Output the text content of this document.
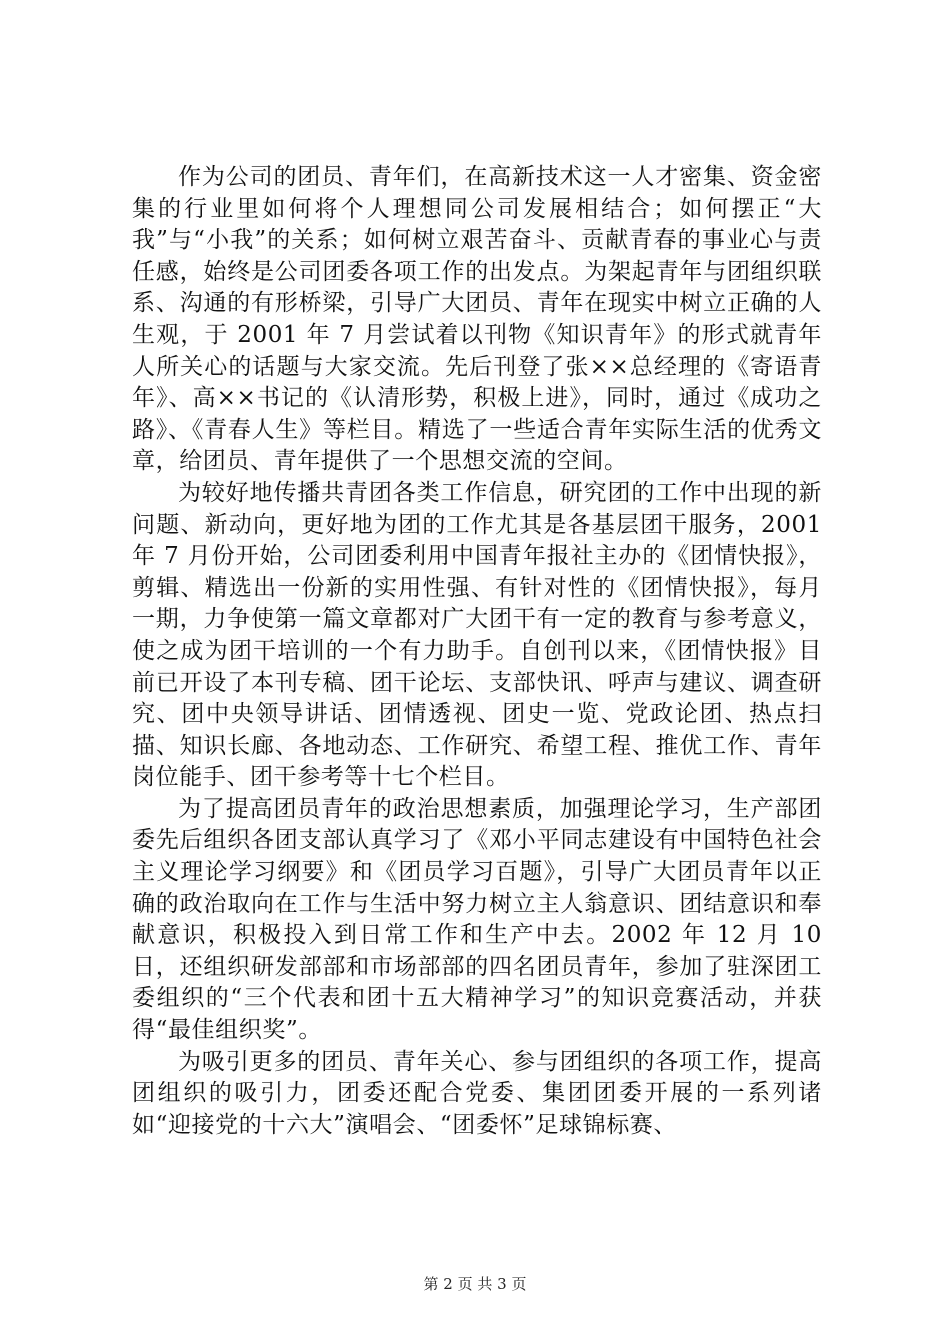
作为公司的团员、青年们，在高新技术这一人才密集、资金密集的行业里如何将个人理想同公司发展相结合；如何摆正“大我”与“小我”的关系；如何树立艰苦奋斗、贡献青春的事业心与责任感，始终是公司团委各项工作的出发点。为架起青年与团组织联系、沟通的有形桥梁，引导广大团员、青年在现实中树立正确的人生观，于 2001 年 7 月尝试着以刊物《知识青年》的形式就青年人所关心的话题与大家交流。先后刊登了张××总经理的《寄语青年》、高××书记的《认清形势，积极上进》，同时，通过《成功之路》、《青春人生》等栏目。精选了一些适合青年实际生活的优秀文章，给团员、青年提供了一个思想交流的空间。

为较好地传播共青团各类工作信息，研究团的工作中出现的新问题、新动向，更好地为团的工作尤其是各基层团干服务，2001 年 7 月份开始，公司团委利用中国青年报社主办的《团情快报》，剪辑、精选出一份新的实用性强、有针对性的《团情快报》，每月一期，力争使第一篇文章都对广大团干有一定的教育与参考意义，使之成为团干培训的一个有力助手。自创刊以来，《团情快报》目前已开设了本刊专稿、团干论坛、支部快讯、呼声与建议、调查研究、团中央领导讲话、团情透视、团史一览、党政论团、热点扫描、知识长廊、各地动态、工作研究、希望工程、推优工作、青年岗位能手、团干参考等十七个栏目。

为了提高团员青年的政治思想素质，加强理论学习，生产部团委先后组织各团支部认真学习了《邓小平同志建设有中国特色社会主义理论学习纲要》和《团员学习百题》，引导广大团员青年以正确的政治取向在工作与生活中努力树立主人翁意识、团结意识和奉献意识，积极投入到日常工作和生产中去。2002 年 12 月 10 日，还组织研发部部和市场部部的四名团员青年，参加了驻深团工委组织的“三个代表和团十五大精神学习”的知识竞赛活动，并获得“最佳组织奖”。

为吸引更多的团员、青年关心、参与团组织的各项工作，提高团组织的吸引力，团委还配合党委、集团团委开展的一系列诸如“迎接党的十六大”演唱会、“团委怀”足球锦标赛、

第 2 页 共 3 页
